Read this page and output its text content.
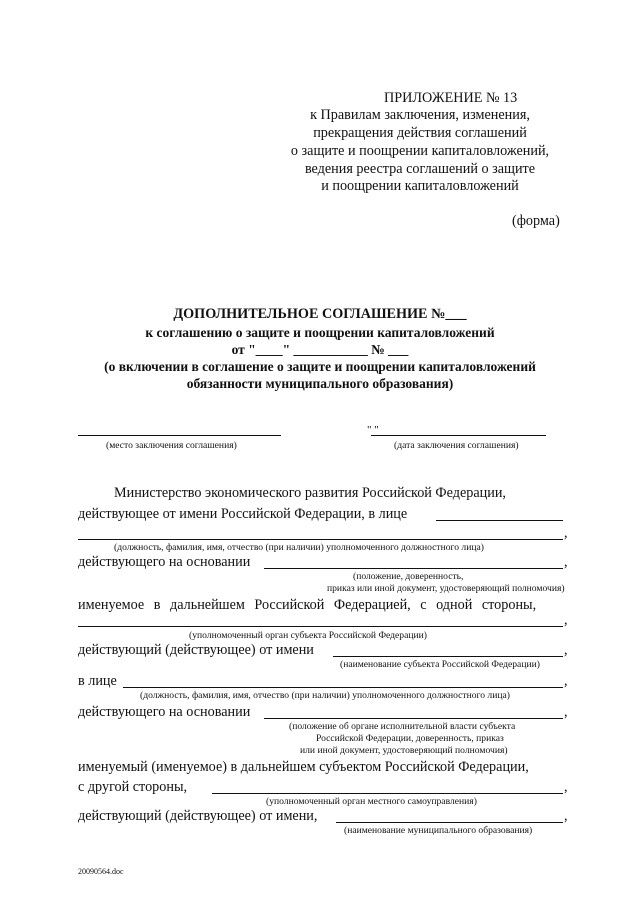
ПРИЛОЖЕНИЕ № 13
к Правилам заключения, изменения,
прекращения действия соглашений
о защите и поощрении капиталовложений,
ведения реестра соглашений о защите
и поощрении капиталовложений
(форма)
ДОПОЛНИТЕЛЬНОЕ СОГЛАШЕНИЕ №___
к соглашению о защите и поощрении капиталовложений
от "____" ___________ № ___
(о включении в соглашение о защите и поощрении капиталовложений
обязанности муниципального образования)
(место заключения соглашения)
" "
(дата заключения соглашения)
Министерство экономического развития Российской Федерации,
действующее от имени Российской Федерации, в лице
,
(должность, фамилия, имя, отчество (при наличии) уполномоченного должностного лица)
действующего на основании	,
(положение, доверенность,
приказ или иной документ, удостоверяющий полномочия)
именуемое в дальнейшем Российской Федерацией, с одной стороны,
,
(уполномоченный орган субъекта Российской Федерации)
действующий (действующее) от имени	,
(наименование субъекта Российской Федерации)
в лице	,
(должность, фамилия, имя, отчество (при наличии) уполномоченного должностного лица)
действующего на основании	,
(положение об органе исполнительной власти субъекта
Российской Федерации, доверенность, приказ
или иной документ, удостоверяющий полномочия)
именуемый (именуемое) в дальнейшем субъектом Российской Федерации,
с другой стороны,	,
(уполномоченный орган местного самоуправления)
действующий (действующее) от имени,	,
(наименование муниципального образования)
20090564.doc
